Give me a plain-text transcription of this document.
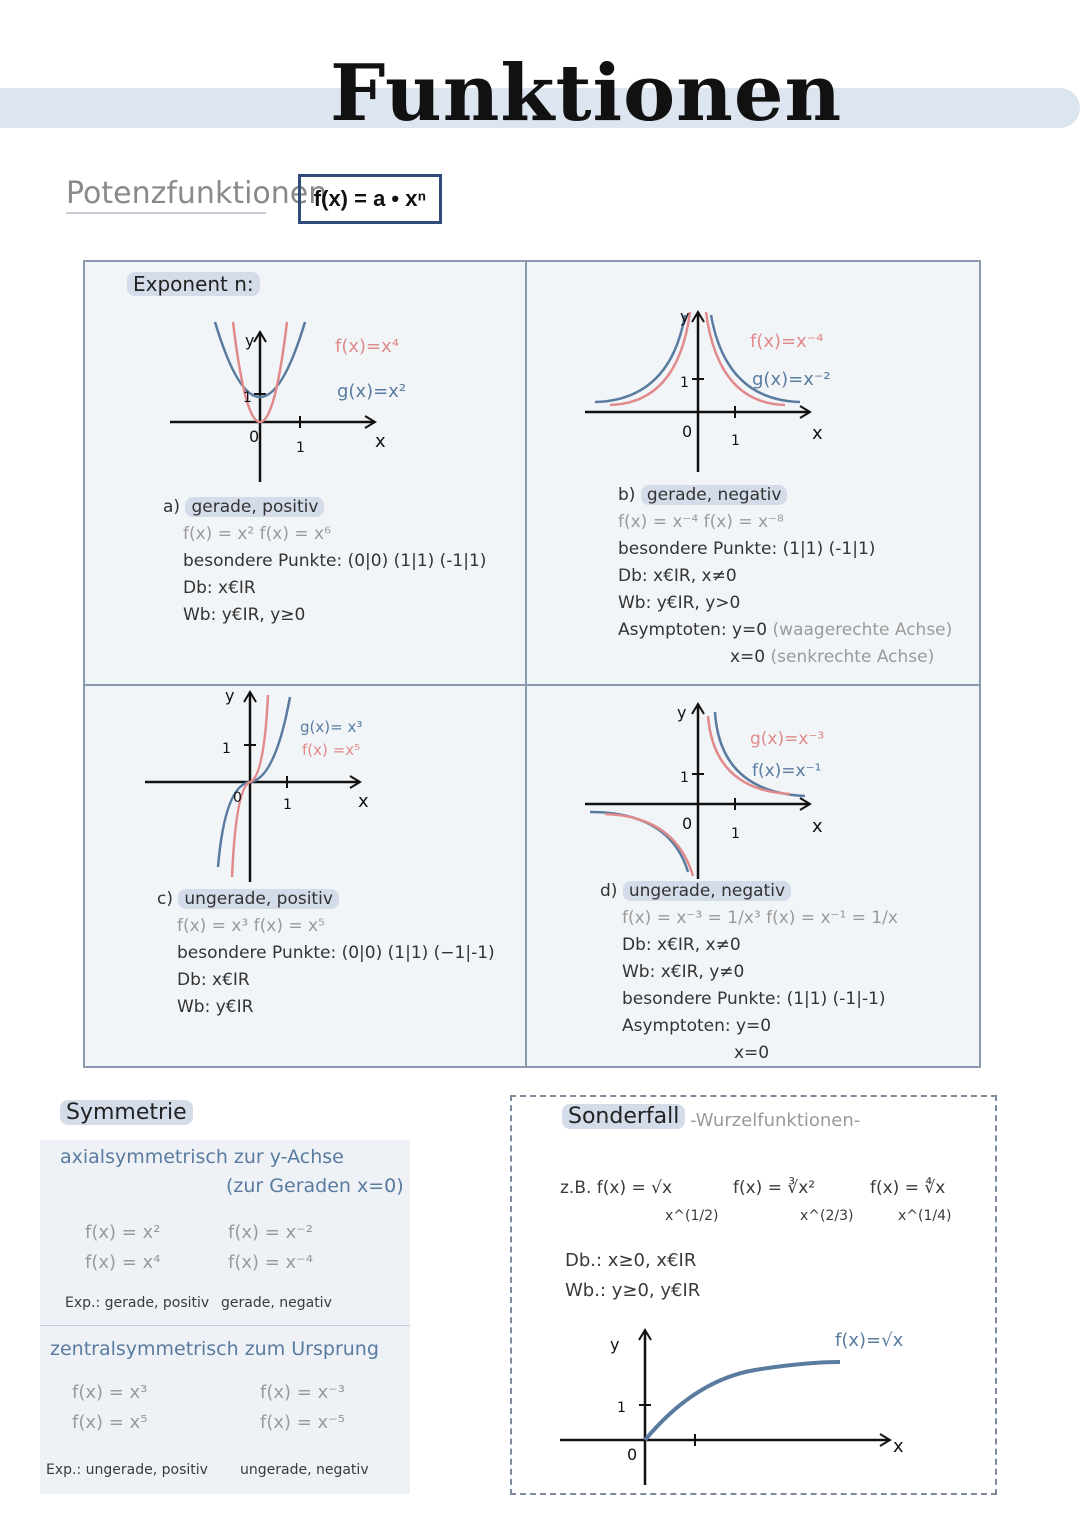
Funktionen
Potenzfunktionen
f(x) = a • xⁿ
Exponent n:
y
x
1
1
0
f(x)=x⁴
g(x)=x²
a) gerade, positiv
f(x) = x² f(x) = x⁶
besondere Punkte: (0|0) (1|1) (-1|1)
Db: x€IR
Wb: y€IR, y≥0
y
x
1
1
0
f(x)=x⁻⁴
g(x)=x⁻²
b) gerade, negativ
f(x) = x⁻⁴ f(x) = x⁻⁸
besondere Punkte: (1|1) (-1|1)
Db: x€IR, x≠0
Wb: y€IR, y>0
Asymptoten: y=0 (waagerechte Achse)
x=0 (senkrechte Achse)
y
x
1
1
0
g(x)= x³
f(x) =x⁵
c) ungerade, positiv
f(x) = x³ f(x) = x⁵
besondere Punkte: (0|0) (1|1) (−1|-1)
Db: x€IR
Wb: y€IR
y
x
1
1
0
g(x)=x⁻³
f(x)=x⁻¹
d) ungerade, negativ
f(x) = x⁻³ = 1/x³ f(x) = x⁻¹ = 1/x
Db: x€IR, x≠0
Wb: x€IR, y≠0
besondere Punkte: (1|1) (-1|-1)
Asymptoten: y=0
x=0
Symmetrie
axialsymmetrisch zur y-Achse
(zur Geraden x=0)
f(x) = x²
f(x) = x⁴
f(x) = x⁻²
f(x) = x⁻⁴
Exp.: gerade, positiv gerade, negativ
zentralsymmetrisch zum Ursprung
f(x) = x³
f(x) = x⁵
f(x) = x⁻³
f(x) = x⁻⁵
Exp.: ungerade, positiv ungerade, negativ
Sonderfall -Wurzelfunktionen-
z.B. f(x) = √x
x^(1/2)
f(x) = ∛x²
x^(2/3)
f(x) = ∜x
x^(1/4)
Db.: x≥0, x€IR
Wb.: y≥0, y€IR
y
x
1
0
f(x)=√x
